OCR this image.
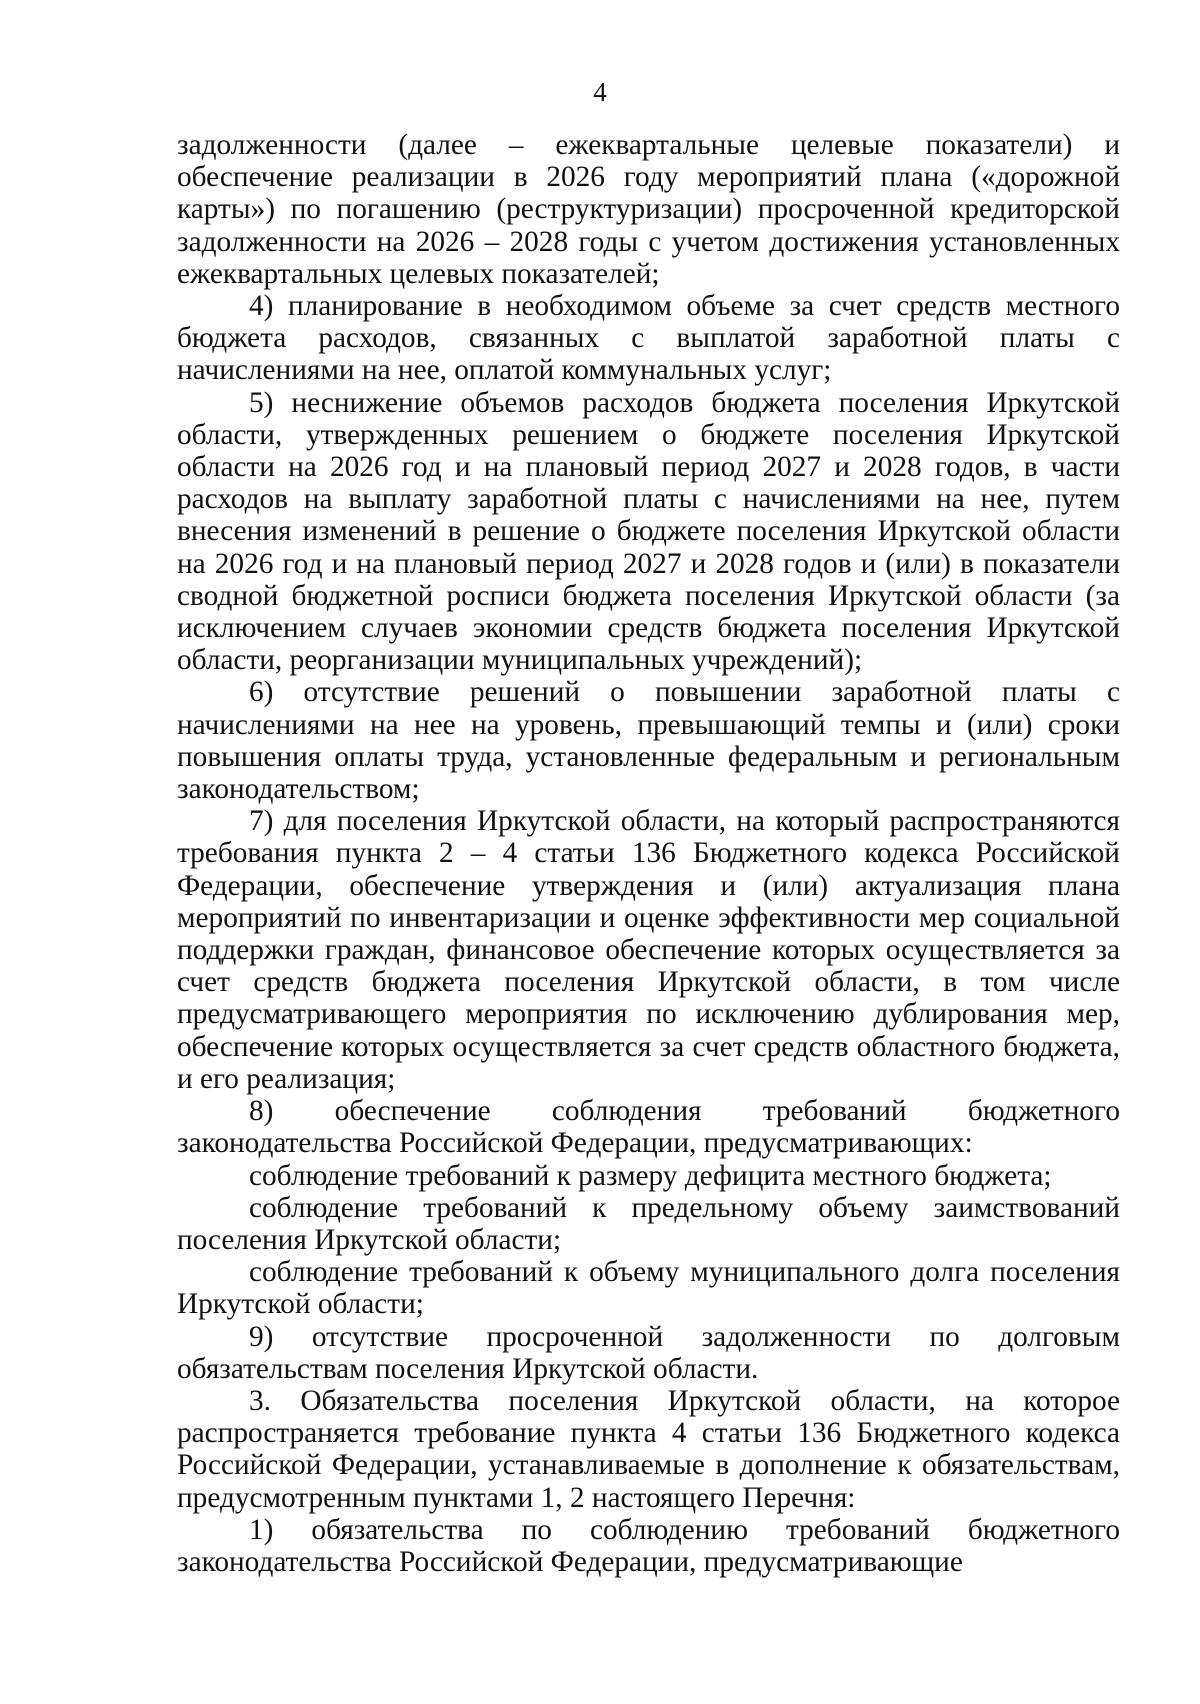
4

задолженности (далее – ежеквартальные целевые показатели) и обеспечение реализации в 2026 году мероприятий плана («дорожной карты») по погашению (реструктуризации) просроченной кредиторской задолженности на 2026 – 2028 годы с учетом достижения установленных ежеквартальных целевых показателей;

4) планирование в необходимом объеме за счет средств местного бюджета расходов, связанных с выплатой заработной платы с начислениями на нее, оплатой коммунальных услуг;

5) неснижение объемов расходов бюджета поселения Иркутской области, утвержденных решением о бюджете поселения Иркутской области на 2026 год и на плановый период 2027 и 2028 годов, в части расходов на выплату заработной платы с начислениями на нее, путем внесения изменений в решение о бюджете поселения Иркутской области на 2026 год и на плановый период 2027 и 2028 годов и (или) в показатели сводной бюджетной росписи бюджета поселения Иркутской области (за исключением случаев экономии средств бюджета поселения Иркутской области, реорганизации муниципальных учреждений);

6) отсутствие решений о повышении заработной платы с начислениями на нее на уровень, превышающий темпы и (или) сроки повышения оплаты труда, установленные федеральным и региональным законодательством;

7) для поселения Иркутской области, на который распространяются требования пункта 2 – 4 статьи 136 Бюджетного кодекса Российской Федерации, обеспечение утверждения и (или) актуализация плана мероприятий по инвентаризации и оценке эффективности мер социальной поддержки граждан, финансовое обеспечение которых осуществляется за счет средств бюджета поселения Иркутской области, в том числе предусматривающего мероприятия по исключению дублирования мер, обеспечение которых осуществляется за счет средств областного бюджета, и его реализация;

8) обеспечение соблюдения требований бюджетного законодательства Российской Федерации, предусматривающих:

соблюдение требований к размеру дефицита местного бюджета;

соблюдение требований к предельному объему заимствований поселения Иркутской области;

соблюдение требований к объему муниципального долга поселения Иркутской области;

9) отсутствие просроченной задолженности по долговым обязательствам поселения Иркутской области.

3. Обязательства поселения Иркутской области, на которое распространяется требование пункта 4 статьи 136 Бюджетного кодекса Российской Федерации, устанавливаемые в дополнение к обязательствам, предусмотренным пунктами 1, 2 настоящего Перечня:

1) обязательства по соблюдению требований бюджетного законодательства Российской Федерации, предусматривающие
